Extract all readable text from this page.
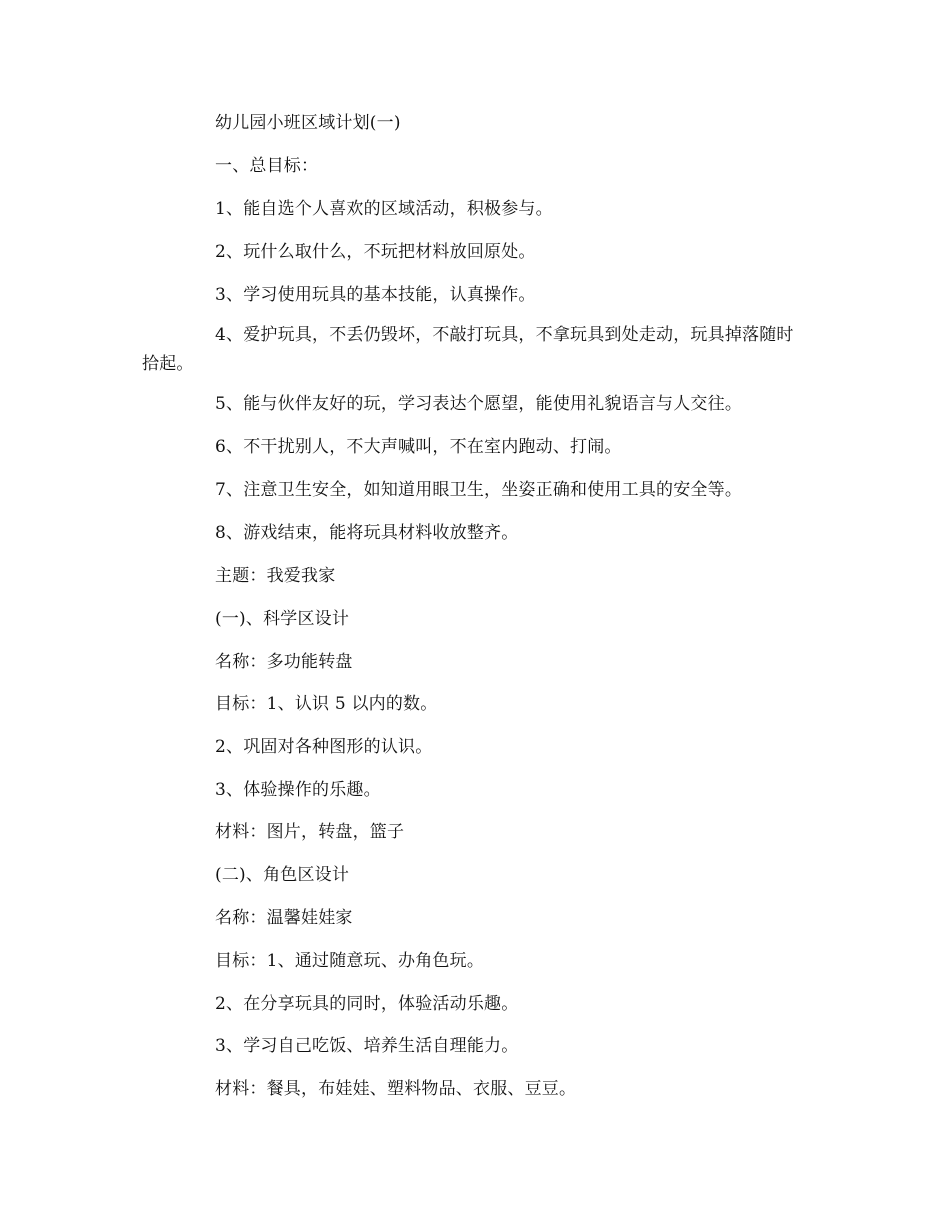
幼儿园小班区域计划(一)
一、总目标：
1、能自选个人喜欢的区域活动，积极参与。
2、玩什么取什么，不玩把材料放回原处。
3、学习使用玩具的基本技能，认真操作。
4、爱护玩具，不丢仍毁坏，不敲打玩具，不拿玩具到处走动，玩具掉落随时拾起。
5、能与伙伴友好的玩，学习表达个愿望，能使用礼貌语言与人交往。
6、不干扰别人，不大声喊叫，不在室内跑动、打闹。
7、注意卫生安全，如知道用眼卫生，坐姿正确和使用工具的安全等。
8、游戏结束，能将玩具材料收放整齐。
主题：我爱我家
(一)、科学区设计
名称：多功能转盘
目标：1、认识 5 以内的数。
2、巩固对各种图形的认识。
3、体验操作的乐趣。
材料：图片，转盘，篮子
(二)、角色区设计
名称：温馨娃娃家
目标：1、通过随意玩、办角色玩。
2、在分享玩具的同时，体验活动乐趣。
3、学习自己吃饭、培养生活自理能力。
材料：餐具，布娃娃、塑料物品、衣服、豆豆。
